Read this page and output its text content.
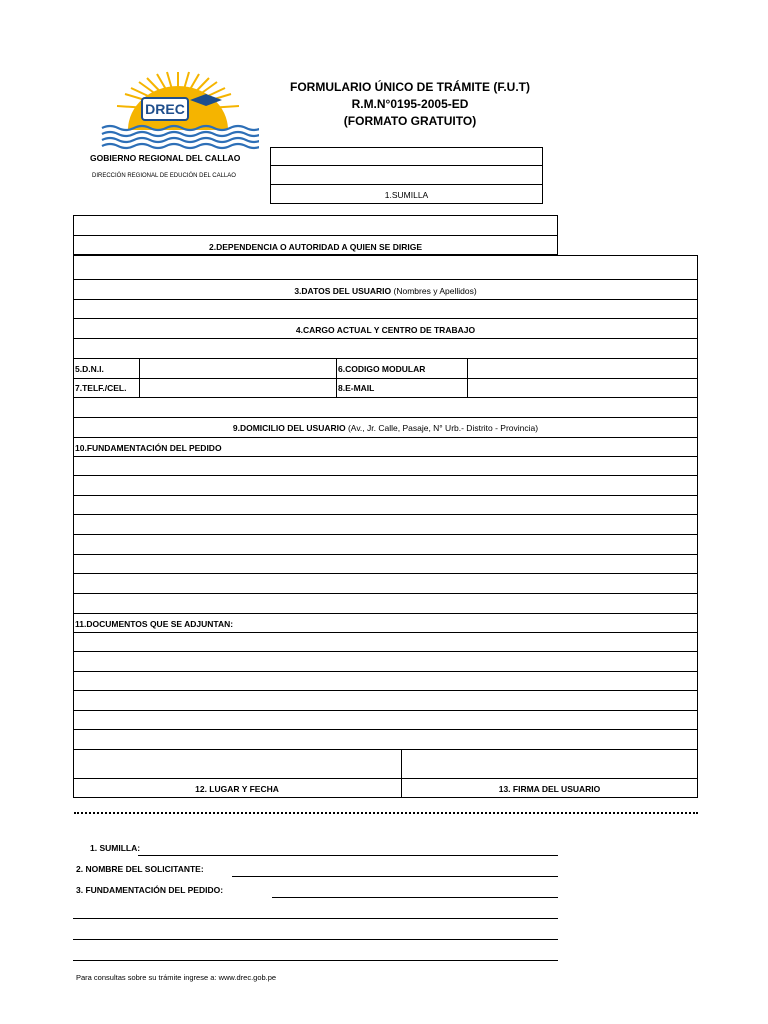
DREC
FORMULARIO ÚNICO DE TRÁMITE (F.U.T)
R.M.N°0195-2005-ED
(FORMATO GRATUITO)
GOBIERNO REGIONAL DEL CALLAO
DIRECCIÓN REGIONAL DE EDUCIÓN DEL CALLAO
1.SUMILLA
2.DEPENDENCIA O AUTORIDAD A QUIEN SE DIRIGE
3.DATOS DEL USUARIO (Nombres y Apellidos)
4.CARGO ACTUAL Y CENTRO DE TRABAJO
5.D.N.I.	6.CODIGO MODULAR
7.TELF./CEL.	8.E-MAIL
9.DOMICILIO DEL USUARIO (Av., Jr. Calle, Pasaje, N° Urb.- Distrito - Provincia)
10.FUNDAMENTACIÓN DEL PEDIDO
11.DOCUMENTOS QUE SE ADJUNTAN:
12. LUGAR Y FECHA	13. FIRMA DEL USUARIO
1. SUMILLA:
2. NOMBRE DEL SOLICITANTE:
3. FUNDAMENTACIÓN DEL PEDIDO:
Para consultas sobre su trámite ingrese a: www.drec.gob.pe
